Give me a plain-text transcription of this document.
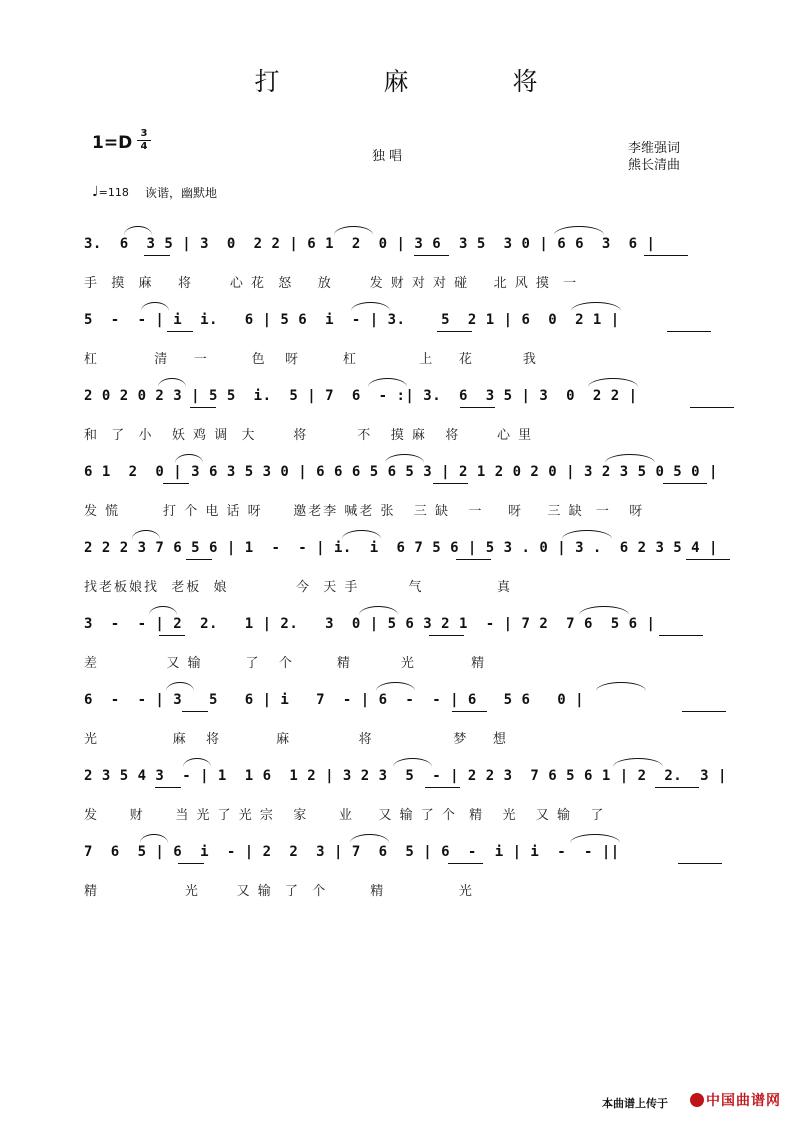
打 麻 将
$1=D \frac{3}{4}$
独唱
李维强词
熊长清曲
♩=118 诙谐，幽默地
3.  6  3 5 | 3  0  2 2 | 6 1  2  0 | 3 6  3 5  3 0 | 6 6  3  6 |
手  摸  麻    将      心 花  怒    放      发 财 对 对 碰    北 风 摸  一
5  -  - | i  i.   6 | 5 6  i  - | 3.    5  2 1 | 6  0  2 1 |
杠         清    一       色   呀       杠          上    花        我
2 0 2 0 2 3 | 5 5  i.  5 | 7  6  - :| 3.  6  3 5 | 3  0  2 2 |
和  了  小   妖 鸡 调  大      将        不   摸 麻   将      心 里
6 1  2  0 | 3 6 3 5 3 0 | 6 6 6 5 6 5 3 | 2 1 2 0 2 0 | 3 2 3 5 0 5 0 |
发 慌       打 个 电 话 呀     邀老李 喊老 张   三 缺   一    呀    三 缺  一   呀
2 2 2 3 7 6 5 6 | 1  -  - | i.  i  6 7 5 6 | 5 3 . 0 | 3 .  6 2 3 5 4 |
找老板娘找  老板  娘           今  天 手        气            真
3  -  - | 2  2.   1 | 2.   3  0 | 5 6 3 2 1  - | 7 2  7 6  5 6 |
差           又 输       了   个       精        光         精
6  -  - | 3   5   6 | i   7  - | 6  -  - | 6   5 6   0 |
光            麻   将         麻           将             梦    想
2 3 5 4 3  - | 1  1 6  1 2 | 3 2 3  5  - | 2 2 3  7 6 5 6 1 | 2  2.  3 |
发     财     当 光 了 光 宗   家     业    又 输 了 个  精   光   又 输   了
7  6  5 | 6  i  - | 2  2  3 | 7  6  5 | 6  -  i | i  -  - ||
精              光      又 输  了  个       精            光
本曲谱上传于	中国曲谱网
